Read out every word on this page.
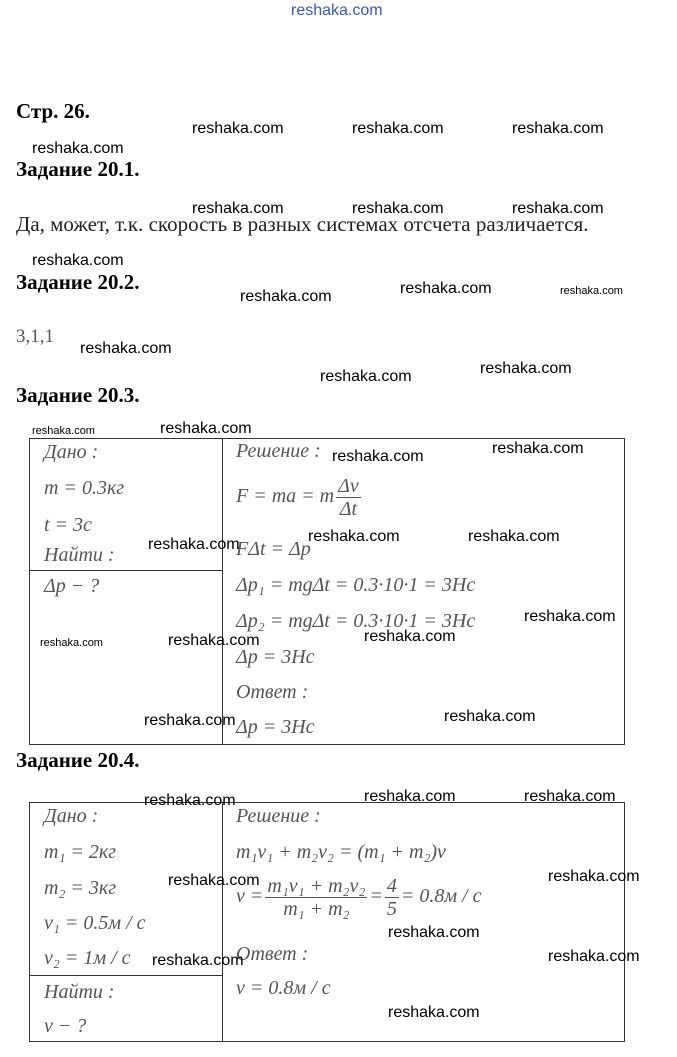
reshaka.com
Стр. 26.
Задание 20.1.
Да, может, т.к. скорость в разных системах отсчета различается.
Задание 20.2.
3,1,1
Задание 20.3.
Дано :
m = 0.3кг
t = 3c
Найти :
Δp − ?
Решение :
F = ma = m $\frac{\Delta v}{\Delta t}$
FΔt = Δp
Δp₁ = mgΔt = 0.3·10·1 = 3Hc
Δp₂ = mgΔt = 0.3·10·1 = 3Hc
Δp = 3Hc
Ответ :
Δp = 3Hc
Задание 20.4.
Дано :
m₁ = 2кг
m₂ = 3кг
v₁ = 0.5м / c
v₂ = 1м / c
Найти :
v − ?
Решение :
m₁v₁ + m₂v₂ = (m₁ + m₂)v
$v = \frac{\text{m₁v₁ + m₂v₂}}{\text{m₁ + m₂}} = \frac{4}{5} = 0.8м / c$
Ответ :
v = 0.8м / c
reshaka.com	reshaka.com	reshaka.com
reshaka.com
reshaka.com	reshaka.com	reshaka.com
reshaka.com
reshaka.com	reshaka.com	reshaka.com
reshaka.com
reshaka.com	reshaka.com
reshaka.com	reshaka.com
reshaka.com	reshaka.com
reshaka.com	reshaka.com	reshaka.com
reshaka.com
reshaka.com	reshaka.com	reshaka.com
reshaka.com	reshaka.com
reshaka.com	reshaka.com	reshaka.com
reshaka.com	reshaka.com
reshaka.com
reshaka.com	reshaka.com
reshaka.com
